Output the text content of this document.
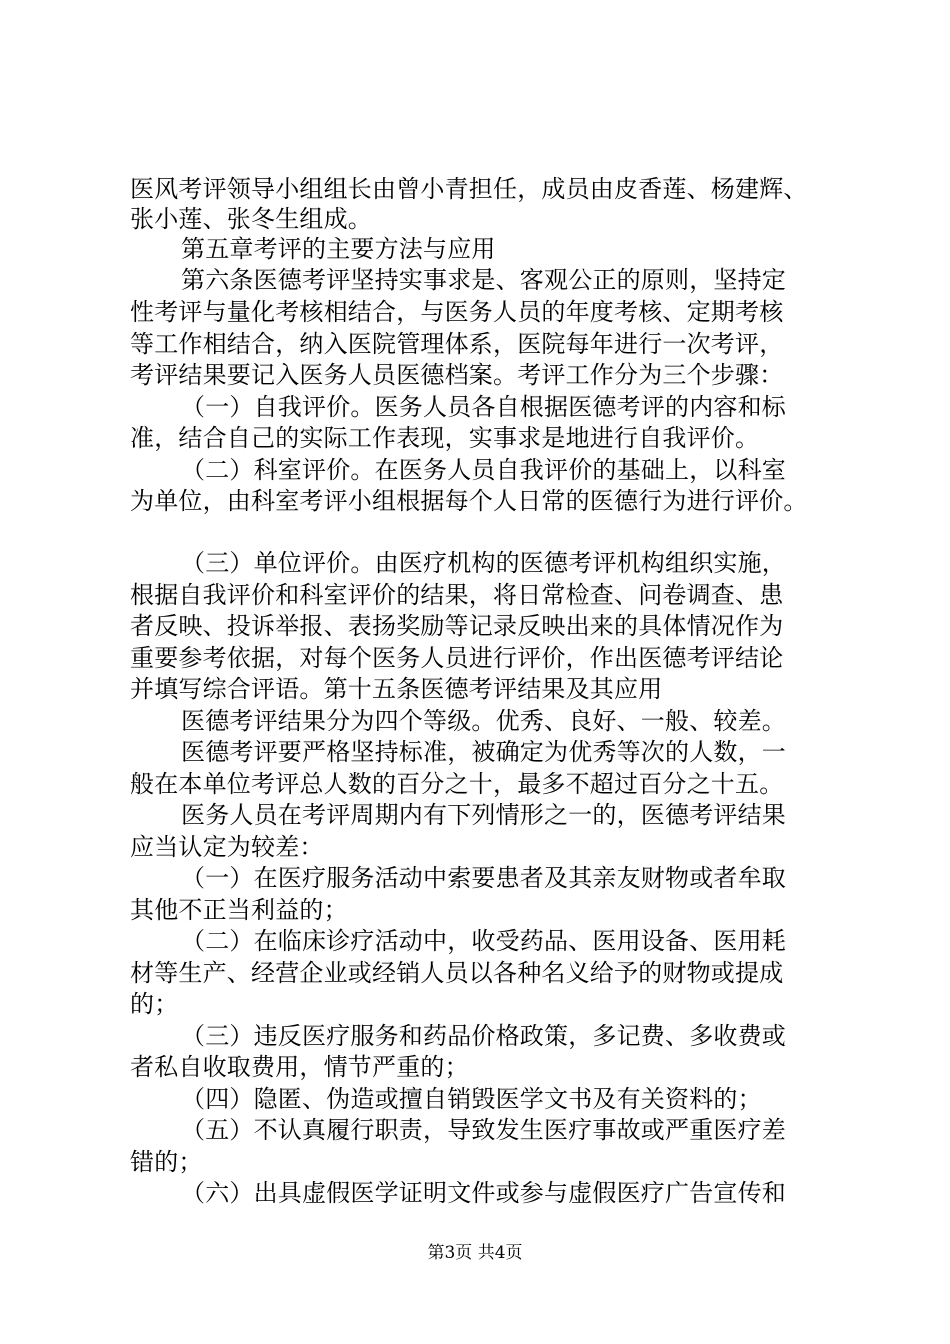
医风考评领导小组组长由曾小青担任，成员由皮香莲、杨建辉、
张小莲、张冬生组成。
第五章考评的主要方法与应用
第六条医德考评坚持实事求是、客观公正的原则，坚持定
性考评与量化考核相结合，与医务人员的年度考核、定期考核
等工作相结合，纳入医院管理体系，医院每年进行一次考评，
考评结果要记入医务人员医德档案。考评工作分为三个步骤：
（一）自我评价。医务人员各自根据医德考评的内容和标
准，结合自己的实际工作表现，实事求是地进行自我评价。
（二）科室评价。在医务人员自我评价的基础上，以科室
为单位，由科室考评小组根据每个人日常的医德行为进行评价。
（三）单位评价。由医疗机构的医德考评机构组织实施，
根据自我评价和科室评价的结果，将日常检查、问卷调查、患
者反映、投诉举报、表扬奖励等记录反映出来的具体情况作为
重要参考依据，对每个医务人员进行评价，作出医德考评结论
并填写综合评语。第十五条医德考评结果及其应用
医德考评结果分为四个等级。优秀、良好、一般、较差。
医德考评要严格坚持标准，被确定为优秀等次的人数，一
般在本单位考评总人数的百分之十，最多不超过百分之十五。
医务人员在考评周期内有下列情形之一的，医德考评结果
应当认定为较差：
（一）在医疗服务活动中索要患者及其亲友财物或者牟取
其他不正当利益的；
（二）在临床诊疗活动中，收受药品、医用设备、医用耗
材等生产、经营企业或经销人员以各种名义给予的财物或提成
的；
（三）违反医疗服务和药品价格政策，多记费、多收费或
者私自收取费用，情节严重的；
（四）隐匿、伪造或擅自销毁医学文书及有关资料的；
（五）不认真履行职责，导致发生医疗事故或严重医疗差
错的；
（六）出具虚假医学证明文件或参与虚假医疗广告宣传和
第3页 共4页
